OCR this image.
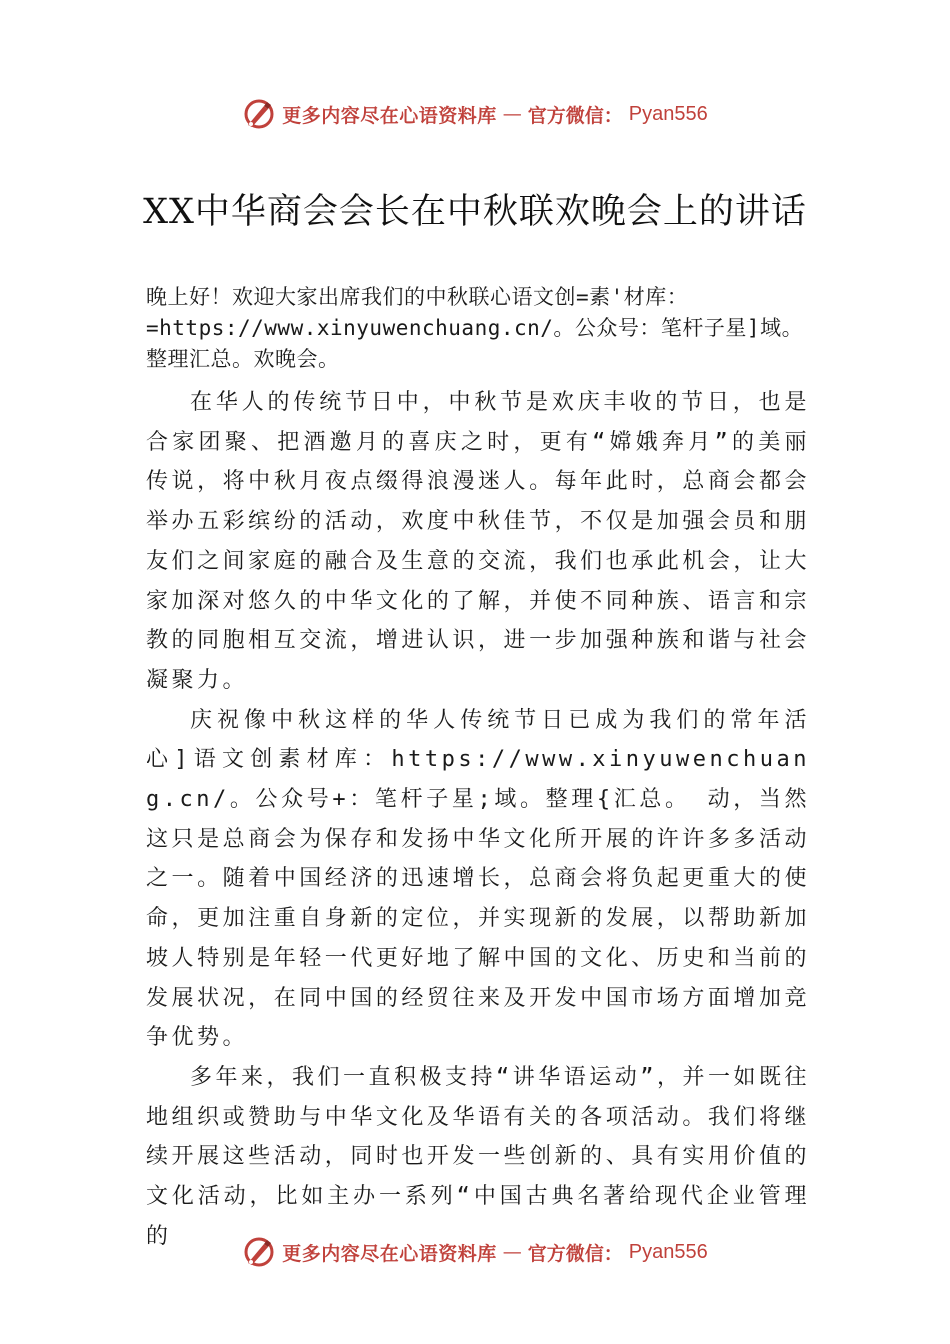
更多内容尽在心语资料库 — 官方微信： Pyan556
XX中华商会会长在中秋联欢晚会上的讲话

晚上好！欢迎大家出席我们的中秋联心语文创=素'材库：
=https://www.xinyuwenchuang.cn/。公众号：笔杆子星]域。
整理汇总。欢晚会。

在华人的传统节日中，中秋节是欢庆丰收的节日，也是合家团聚、把酒邀月的喜庆之时，更有“嫦娥奔月”的美丽传说，将中秋月夜点缀得浪漫迷人。每年此时，总商会都会举办五彩缤纷的活动，欢度中秋佳节，不仅是加强会员和朋友们之间家庭的融合及生意的交流，我们也承此机会，让大家加深对悠久的中华文化的了解，并使不同种族、语言和宗教的同胞相互交流，增进认识，进一步加强种族和谐与社会凝聚力。

庆祝像中秋这样的华人传统节日已成为我们的常年活心]语文创素材库：https://www.xinyuwenchuang.cn/。公众号+：笔杆子星;域。整理{汇总。 动，当然这只是总商会为保存和发扬中华文化所开展的许许多多活动之一。随着中国经济的迅速增长，总商会将负起更重大的使命，更加注重自身新的定位，并实现新的发展，以帮助新加坡人特别是年轻一代更好地了解中国的文化、历史和当前的发展状况，在同中国的经贸往来及开发中国市场方面增加竞争优势。

多年来，我们一直积极支持“讲华语运动”，并一如既往地组织或赞助与中华文化及华语有关的各项活动。我们将继续开展这些活动，同时也开发一些创新的、具有实用价值的文化活动，比如主办一系列“中国古典名著给现代企业管理的

更多内容尽在心语资料库 — 官方微信： Pyan556
